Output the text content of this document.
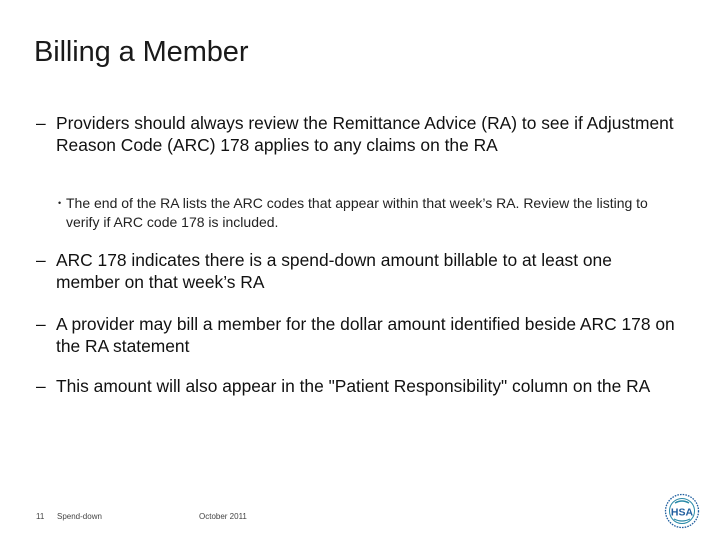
Billing a Member
– Providers should always review the Remittance Advice (RA) to see if Adjustment Reason Code (ARC) 178 applies to any claims on the RA
• The end of the RA lists the ARC codes that appear within that week’s RA. Review the listing to verify if ARC code 178 is included.
– ARC 178 indicates there is a spend-down amount billable to at least one member on that week’s RA
– A provider may bill a member for the dollar amount identified beside ARC 178 on the RA statement
– This amount will also appear in the "Patient Responsibility" column on the RA
11 Spend-down	October 2011	HSA
